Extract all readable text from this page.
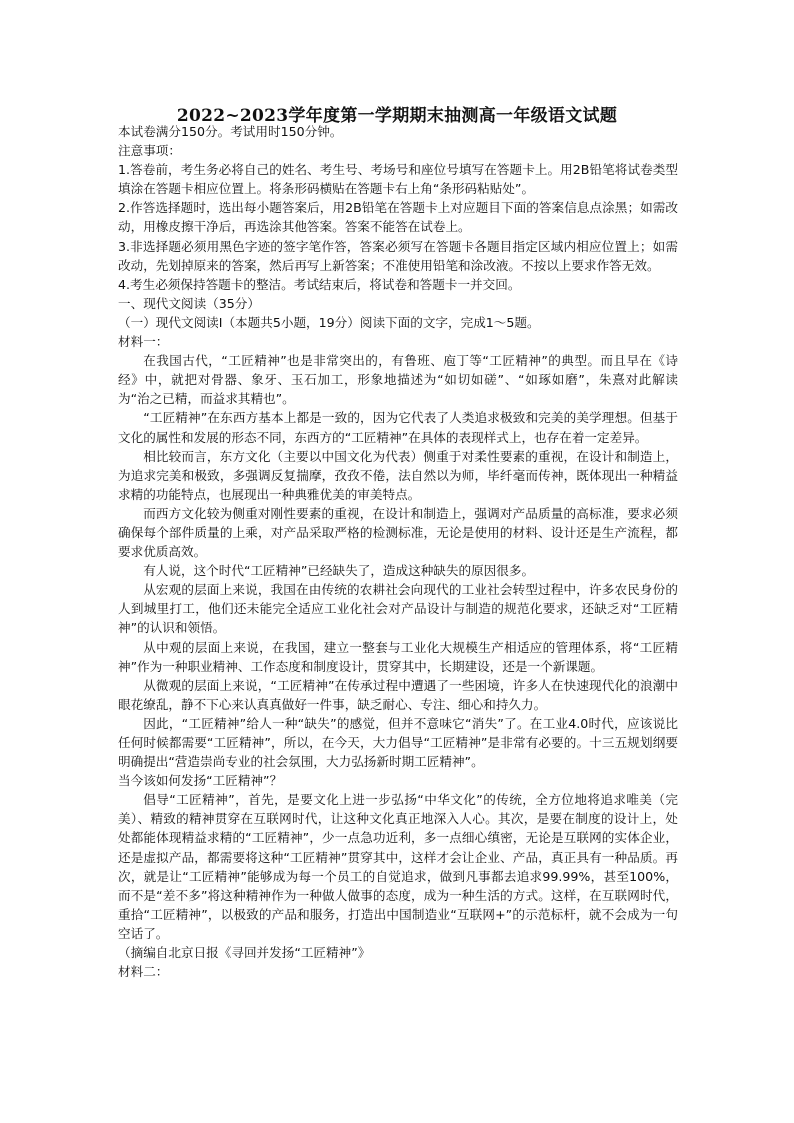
2022~2023学年度第一学期期末抽测高一年级语文试题

本试卷满分150分。考试用时150分钟。

注意事项：

1.答卷前，考生务必将自己的姓名、考生号、考场号和座位号填写在答题卡上。用2B铅笔将试卷类型填涂在答题卡相应位置上。将条形码横贴在答题卡右上角“条形码粘贴处”。

2.作答选择题时，选出每小题答案后，用2B铅笔在答题卡上对应题目下面的答案信息点涂黑；如需改动，用橡皮擦干净后，再选涂其他答案。答案不能答在试卷上。

3.非选择题必须用黑色字迹的签字笔作答，答案必须写在答题卡各题目指定区域内相应位置上；如需改动，先划掉原来的答案，然后再写上新答案；不准使用铅笔和涂改液。不按以上要求作答无效。

4.考生必须保持答题卡的整洁。考试结束后，将试卷和答题卡一并交回。

一、现代文阅读（35分）

（一）现代文阅读Ⅰ（本题共5小题，19分）阅读下面的文字，完成1～5题。

材料一：

在我国古代，“工匠精神”也是非常突出的，有鲁班、庖丁等“工匠精神”的典型。而且早在《诗经》中，就把对骨器、象牙、玉石加工，形象地描述为“如切如磋”、“如琢如磨”，朱熹对此解读为“治之已精，而益求其精也”。

“工匠精神”在东西方基本上都是一致的，因为它代表了人类追求极致和完美的美学理想。但基于文化的属性和发展的形态不同，东西方的“工匠精神”在具体的表现样式上，也存在着一定差异。

相比较而言，东方文化（主要以中国文化为代表）侧重于对柔性要素的重视，在设计和制造上，为追求完美和极致，多强调反复揣摩，孜孜不倦，法自然以为师，毕纤毫而传神，既体现出一种精益求精的功能特点，也展现出一种典雅优美的审美特点。

而西方文化较为侧重对刚性要素的重视，在设计和制造上，强调对产品质量的高标准，要求必须确保每个部件质量的上乘，对产品采取严格的检测标准，无论是使用的材料、设计还是生产流程，都要求优质高效。

有人说，这个时代“工匠精神”已经缺失了，造成这种缺失的原因很多。

从宏观的层面上来说，我国在由传统的农耕社会向现代的工业社会转型过程中，许多农民身份的人到城里打工，他们还未能完全适应工业化社会对产品设计与制造的规范化要求，还缺乏对“工匠精神”的认识和领悟。

从中观的层面上来说，在我国，建立一整套与工业化大规模生产相适应的管理体系，将“工匠精神”作为一种职业精神、工作态度和制度设计，贯穿其中，长期建设，还是一个新课题。

从微观的层面上来说，“工匠精神”在传承过程中遭遇了一些困境，许多人在快速现代化的浪潮中眼花缭乱，静不下心来认真真做好一件事，缺乏耐心、专注、细心和持久力。

因此，“工匠精神”给人一种“缺失”的感觉，但并不意味它“消失”了。在工业4.0时代，应该说比任何时候都需要“工匠精神”，所以，在今天，大力倡导“工匠精神”是非常有必要的。十三五规划纲要明确提出“营造崇尚专业的社会氛围，大力弘扬新时期工匠精神”。

当今该如何发扬“工匠精神”？

倡导“工匠精神”，首先，是要文化上进一步弘扬“中华文化”的传统，全方位地将追求唯美（完美）、精致的精神贯穿在互联网时代，让这种文化真正地深入人心。其次，是要在制度的设计上，处处都能体现精益求精的“工匠精神”，少一点急功近利，多一点细心缜密，无论是互联网的实体企业，还是虚拟产品，都需要将这种“工匠精神”贯穿其中，这样才会让企业、产品，真正具有一种品质。再次，就是让“工匠精神”能够成为每一个员工的自觉追求，做到凡事都去追求99.99%，甚至100%，而不是“差不多”将这种精神作为一种做人做事的态度，成为一种生活的方式。这样，在互联网时代，重拾“工匠精神”，以极致的产品和服务，打造出中国制造业“互联网+”的示范标杆，就不会成为一句空话了。

（摘编自北京日报《寻回并发扬“工匠精神”》

材料二：
